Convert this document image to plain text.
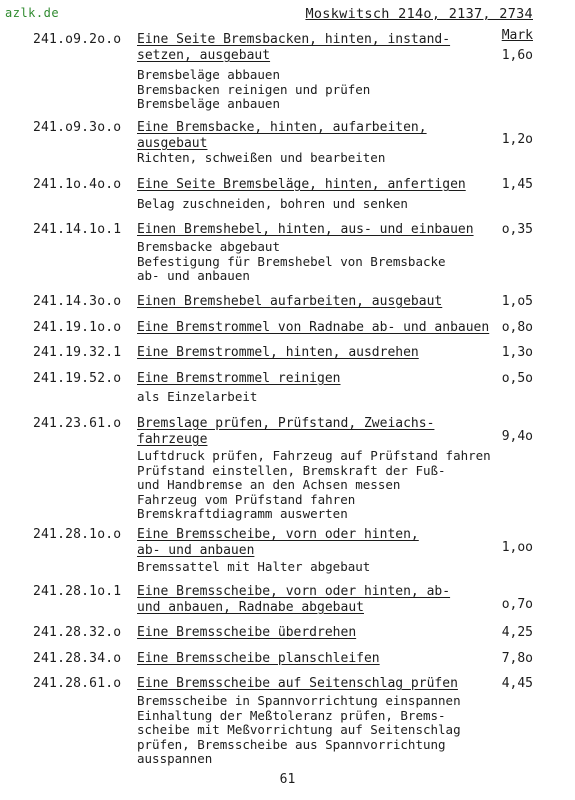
azlk.de	Moskwitsch 214o, 2137, 2734
Mark
241.o9.2o.o Eine Seite Bremsbacken, hinten, instand-
setzen, ausgebaut	1,6o
Bremsbeläge abbauen
Bremsbacken reinigen und prüfen
Bremsbeläge anbauen
241.o9.3o.o Eine Bremsbacke, hinten, aufarbeiten,
ausgebaut	1,2o
Richten, schweißen und bearbeiten
241.1o.4o.o Eine Seite Bremsbeläge, hinten, anfertigen	1,45
Belag zuschneiden, bohren und senken
241.14.1o.1 Einen Bremshebel, hinten, aus- und einbauen	o,35
Bremsbacke abgebaut
Befestigung für Bremshebel von Bremsbacke
ab- und anbauen
241.14.3o.o Einen Bremshebel aufarbeiten, ausgebaut	1,o5
241.19.1o.o Eine Bremstrommel von Radnabe ab- und anbauen o,8o
241.19.32.1 Eine Bremstrommel, hinten, ausdrehen	1,3o
241.19.52.o Eine Bremstrommel reinigen	o,5o
als Einzelarbeit
241.23.61.o Bremslage prüfen, Prüfstand, Zweiachs-
fahrzeuge	9,4o
Luftdruck prüfen, Fahrzeug auf Prüfstand fahren
Prüfstand einstellen, Bremskraft der Fuß-
und Handbremse an den Achsen messen
Fahrzeug vom Prüfstand fahren
Bremskraftdiagramm auswerten
241.28.1o.o Eine Bremsscheibe, vorn oder hinten,
ab- und anbauen	1,oo
Bremssattel mit Halter abgebaut
241.28.1o.1 Eine Bremsscheibe, vorn oder hinten, ab-
und anbauen, Radnabe abgebaut	o,7o
241.28.32.o Eine Bremsscheibe überdrehen	4,25
241.28.34.o Eine Bremsscheibe planschleifen	7,8o
241.28.61.o Eine Bremsscheibe auf Seitenschlag prüfen	4,45
Bremsscheibe in Spannvorrichtung einspannen
Einhaltung der Meßtoleranz prüfen, Brems-
scheibe mit Meßvorrichtung auf Seitenschlag
prüfen, Bremsscheibe aus Spannvorrichtung
ausspannen
61
